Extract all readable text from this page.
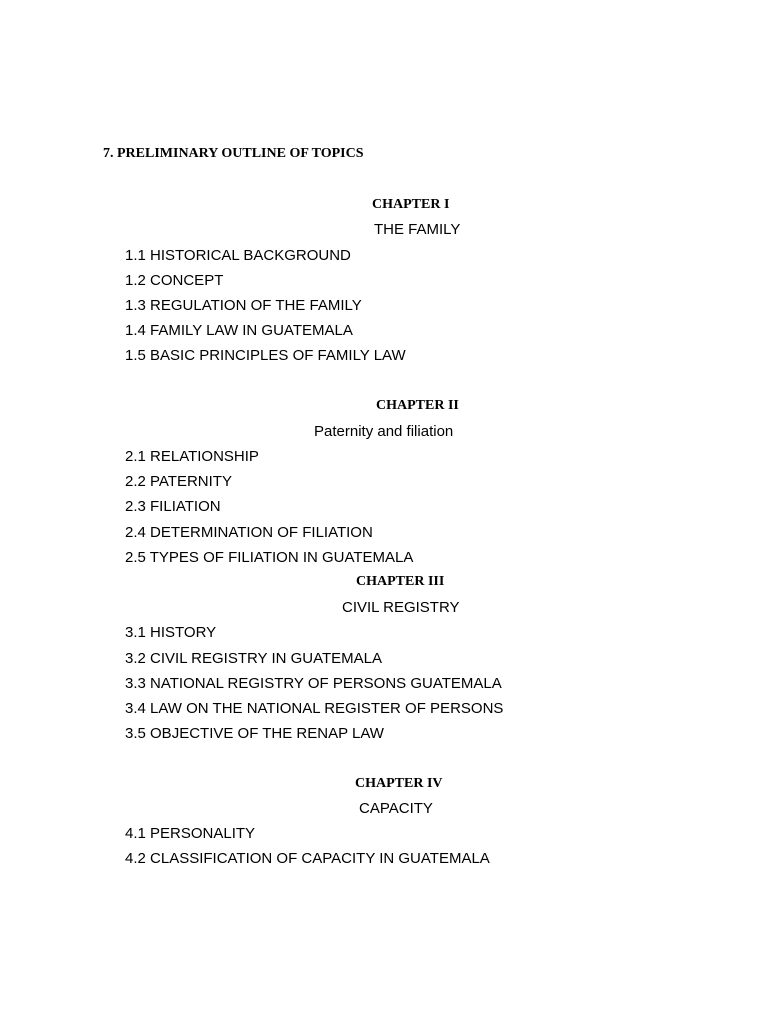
7. PRELIMINARY OUTLINE OF TOPICS
CHAPTER I
THE FAMILY
1.1 HISTORICAL BACKGROUND
1.2 CONCEPT
1.3 REGULATION OF THE FAMILY
1.4 FAMILY LAW IN GUATEMALA
1.5 BASIC PRINCIPLES OF FAMILY LAW
CHAPTER II
Paternity and filiation
2.1 RELATIONSHIP
2.2 PATERNITY
2.3 FILIATION
2.4 DETERMINATION OF FILIATION
2.5 TYPES OF FILIATION IN GUATEMALA
CHAPTER III
CIVIL REGISTRY
3.1 HISTORY
3.2 CIVIL REGISTRY IN GUATEMALA
3.3 NATIONAL REGISTRY OF PERSONS GUATEMALA
3.4 LAW ON THE NATIONAL REGISTER OF PERSONS
3.5 OBJECTIVE OF THE RENAP LAW
CHAPTER IV
CAPACITY
4.1 PERSONALITY
4.2 CLASSIFICATION OF CAPACITY IN GUATEMALA
